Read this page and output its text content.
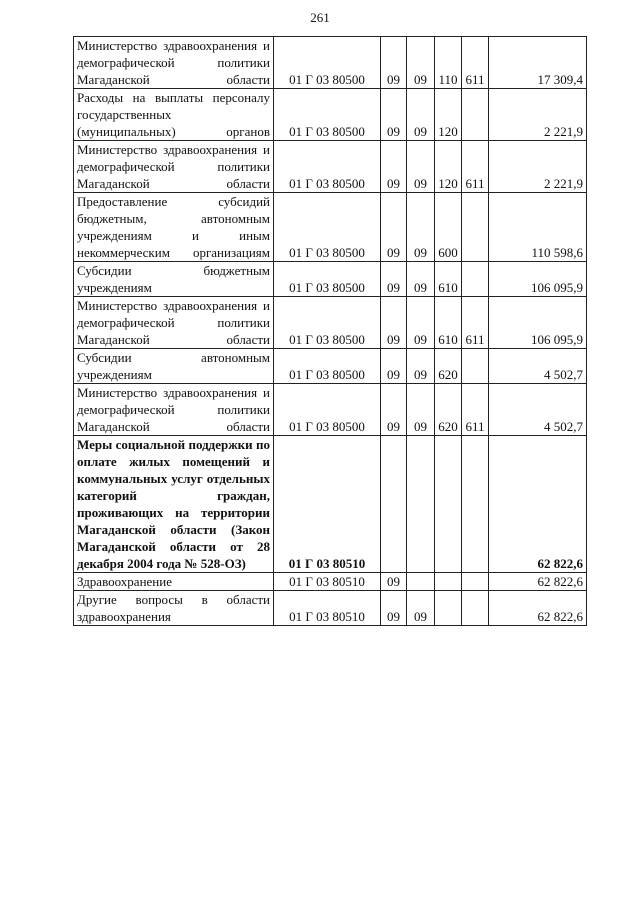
261
Министерство здравоохранения и демографической политики Магаданской области	01 Г 03 80500	09	09	110	611	17 309,4

Расходы на выплаты персоналу государственных (муниципальных) органов	01 Г 03 80500	09	09	120		2 221,9

Министерство здравоохранения и демографической политики Магаданской области	01 Г 03 80500	09	09	120	611	2 221,9

Предоставление субсидий бюджетным, автономным учреждениям и иным некоммерческим организациям	01 Г 03 80500	09	09	600		110 598,6

Субсидии бюджетным учреждениям	01 Г 03 80500	09	09	610		106 095,9

Министерство здравоохранения и демографической политики Магаданской области	01 Г 03 80500	09	09	610	611	106 095,9

Субсидии автономным учреждениям	01 Г 03 80500	09	09	620		4 502,7

Министерство здравоохранения и демографической политики Магаданской области	01 Г 03 80500	09	09	620	611	4 502,7

Меры социальной поддержки по оплате жилых помещений и коммунальных услуг отдельных категорий граждан, проживающих на территории Магаданской области (Закон Магаданской области от 28 декабря 2004 года № 528-ОЗ)	01 Г 03 80510					62 822,6

Здравоохранение	01 Г 03 80510	09				62 822,6

Другие вопросы в области здравоохранения	01 Г 03 80510	09	09			62 822,6
